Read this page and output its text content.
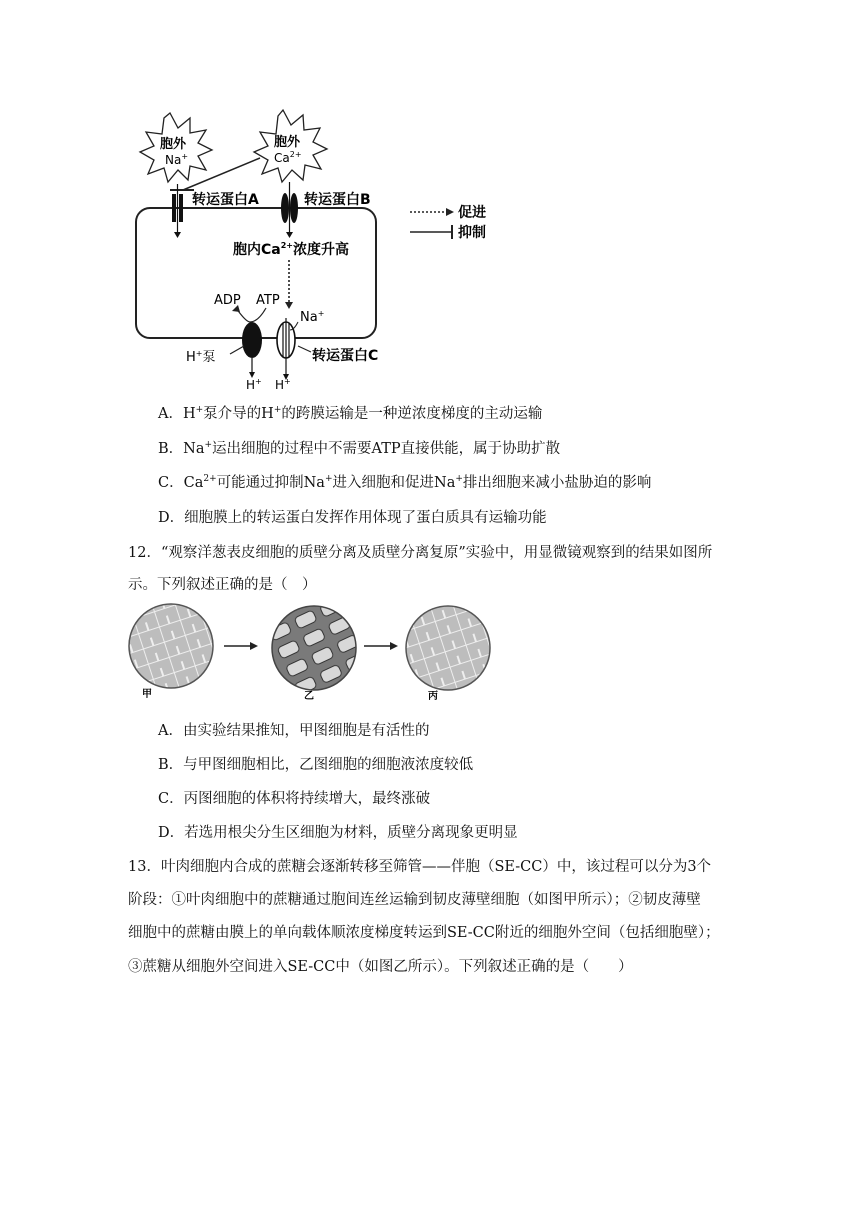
胞外
Na+
胞外
$Ca^{2+}$
转运蛋白A	转运蛋白B
胞内$Ca^{2+}$浓度升高
ADP ATP
H+泵	转运蛋白C
Na+
H+ H+
促进
抑制
A．H+泵介导的H+的跨膜运输是一种逆浓度梯度的主动运输
B．Na+运出细胞的过程中不需要ATP直接供能，属于协助扩散
C．$Ca^{2+}$可能通过抑制Na+进入细胞和促进Na+排出细胞来减小盐胁迫的影响
D．细胞膜上的转运蛋白发挥作用体现了蛋白质具有运输功能
12．“观察洋葱表皮细胞的质壁分离及质壁分离复原”实验中，用显微镜观察到的结果如图所
示。下列叙述正确的是（　）
甲	乙	丙
A．由实验结果推知，甲图细胞是有活性的
B．与甲图细胞相比，乙图细胞的细胞液浓度较低
C．丙图细胞的体积将持续增大，最终涨破
D．若选用根尖分生区细胞为材料，质壁分离现象更明显
13．叶肉细胞内合成的蔗糖会逐渐转移至筛管——伴胞（SE-CC）中，该过程可以分为3个
阶段：①叶肉细胞中的蔗糖通过胞间连丝运输到韧皮薄壁细胞（如图甲所示）；②韧皮薄壁
细胞中的蔗糖由膜上的单向载体顺浓度梯度转运到SE-CC附近的细胞外空间（包括细胞壁）；
③蔗糖从细胞外空间进入SE-CC中（如图乙所示）。下列叙述正确的是（　　）
